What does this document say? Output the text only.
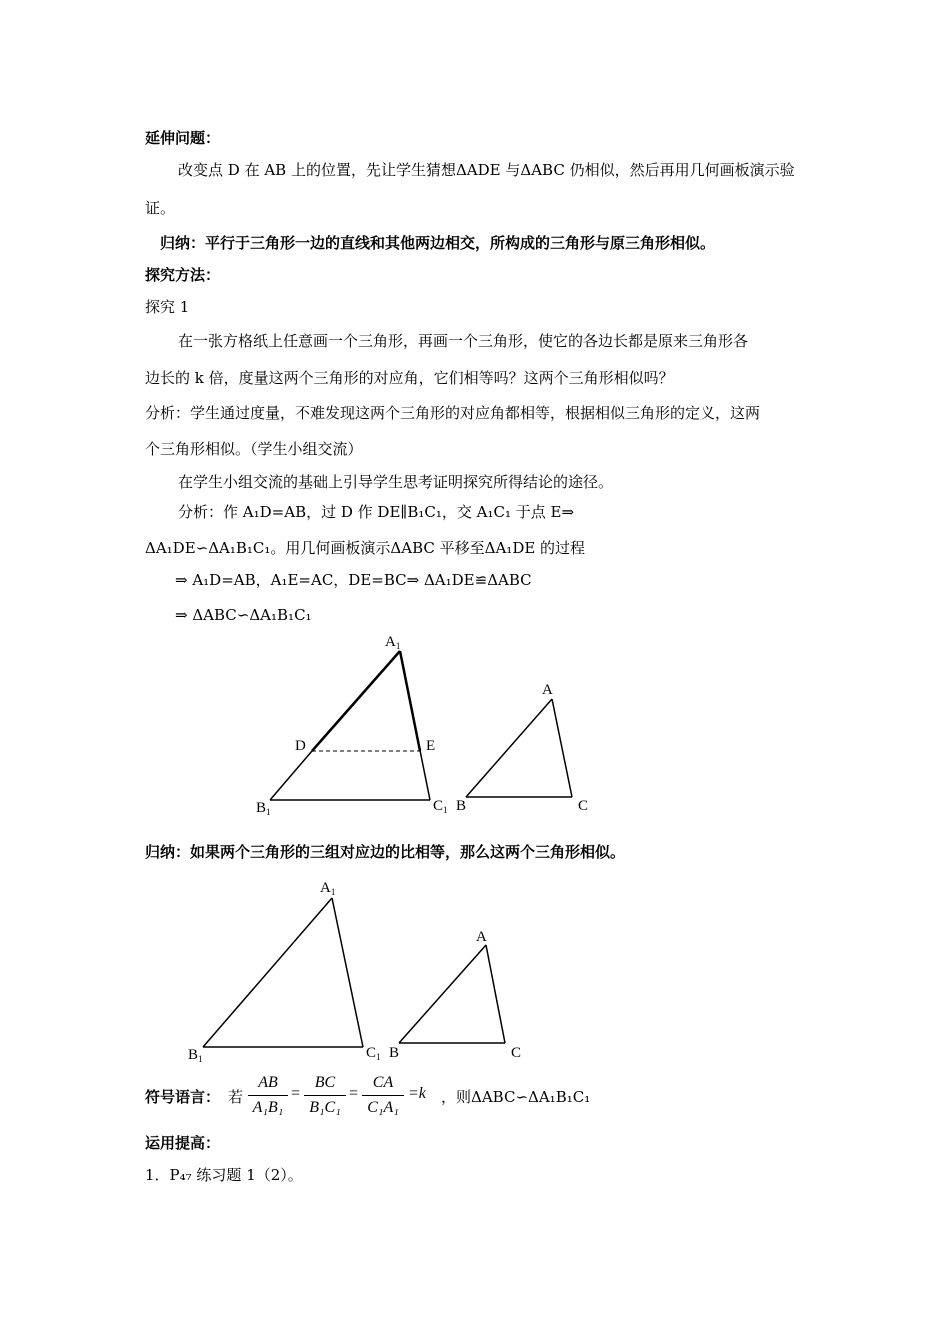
延伸问题：
改变点 D 在 AB 上的位置，先让学生猜想ΔADE 与ΔABC 仍相似，然后再用几何画板演示验
证。
归纳：平行于三角形一边的直线和其他两边相交，所构成的三角形与原三角形相似。
探究方法：
探究 1
在一张方格纸上任意画一个三角形，再画一个三角形，使它的各边长都是原来三角形各
边长的 k 倍，度量这两个三角形的对应角，它们相等吗？这两个三角形相似吗？
分析：学生通过度量，不难发现这两个三角形的对应角都相等，根据相似三角形的定义，这两
个三角形相似。（学生小组交流）
在学生小组交流的基础上引导学生思考证明探究所得结论的途径。
分析：作 A₁D=AB，过 D 作 DE∥B₁C₁，交 A₁C₁ 于点 E⇒
ΔA₁DE∽ΔA₁B₁C₁。用几何画板演示ΔABC 平移至ΔA₁DE 的过程
⇒ A₁D=AB，A₁E=AC，DE=BC⇒ ΔA₁DE≌ΔABC
⇒ ΔABC∽ΔA₁B₁C₁
$A_1$
D	E
$B_1$	$C_1$
A
B	C
$A_1$
$B_1$	$C_1$
A
B	C
归纳：如果两个三角形的三组对应边的比相等，那么这两个三角形相似。
符号语言： 若
AB
A₁B₁
=
BC
B₁C₁
=
CA
C₁A₁
=k ，则ΔABC∽ΔA₁B₁C₁
运用提高：
1．P₄₇ 练习题 1（2）。
